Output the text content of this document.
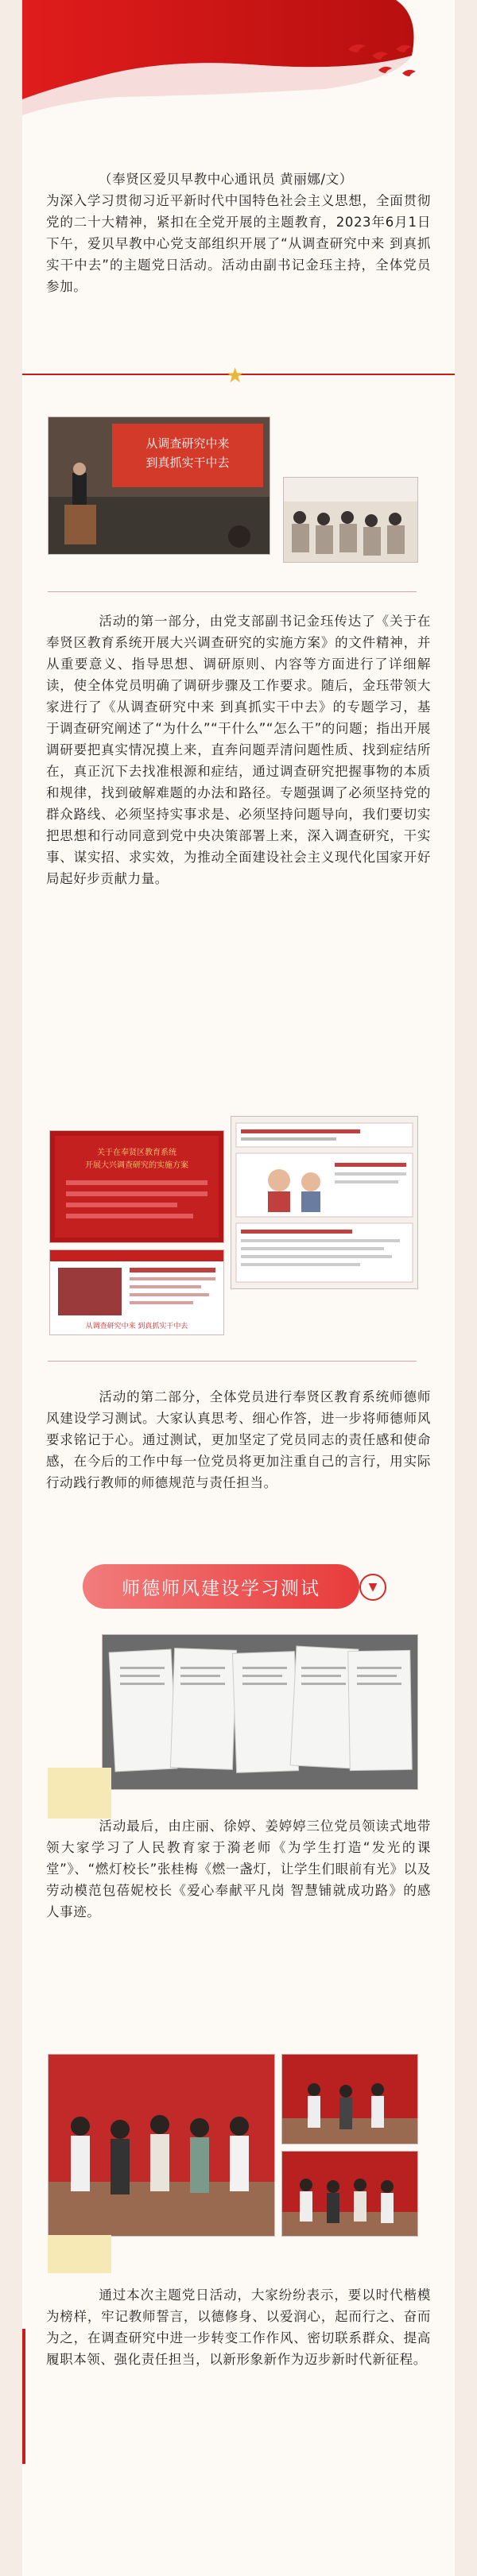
（奉贤区爱贝早教中心通讯员 黄丽娜/文）

为深入学习贯彻习近平新时代中国特色社会主义思想，全面贯彻党的二十大精神，紧扣在全党开展的主题教育，2023年6月1日下午，爱贝早教中心党支部组织开展了“从调查研究中来 到真抓实干中去”的主题党日活动。活动由副书记金珏主持，全体党员参加。

★
从调查研究中来
到真抓实干中去

活动的第一部分，由党支部副书记金珏传达了《关于在奉贤区教育系统开展大兴调查研究的实施方案》的文件精神，并从重要意义、指导思想、调研原则、内容等方面进行了详细解读，使全体党员明确了调研步骤及工作要求。随后，金珏带领大家进行了《从调查研究中来 到真抓实干中去》的专题学习，基于调查研究阐述了“为什么”“干什么”“怎么干”的问题；指出开展调研要把真实情况摸上来，直奔问题弄清问题性质、找到症结所在，真正沉下去找准根源和症结，通过调查研究把握事物的本质和规律，找到破解难题的办法和路径。专题强调了必须坚持党的群众路线、必须坚持实事求是、必须坚持问题导向，我们要切实把思想和行动同意到党中央决策部署上来，深入调查研究，干实事、谋实招、求实效，为推动全面建设社会主义现代化国家开好局起好步贡献力量。

关于在奉贤区教育系统
开展大兴调查研究的实施方案
从调查研究中来 到真抓实干中去

活动的第二部分，全体党员进行奉贤区教育系统师德师风建设学习测试。大家认真思考、细心作答，进一步将师德师风要求铭记于心。通过测试，更加坚定了党员同志的责任感和使命感，在今后的工作中每一位党员将更加注重自己的言行，用实际行动践行教师的师德规范与责任担当。

师德师风建设学习测试	▼

活动最后，由庄丽、徐婷、姜婷婷三位党员领读式地带领大家学习了人民教育家于漪老师《为学生打造“发光的课堂”》、“燃灯校长”张桂梅《燃一盏灯，让学生们眼前有光》以及劳动模范包蓓妮校长《爱心奉献平凡岗 智慧铺就成功路》的感人事迹。

通过本次主题党日活动，大家纷纷表示，要以时代楷模为榜样，牢记教师誓言，以德修身、以爱润心，起而行之、奋而为之，在调查研究中进一步转变工作作风、密切联系群众、提高履职本领、强化责任担当，以新形象新作为迈步新时代新征程。
